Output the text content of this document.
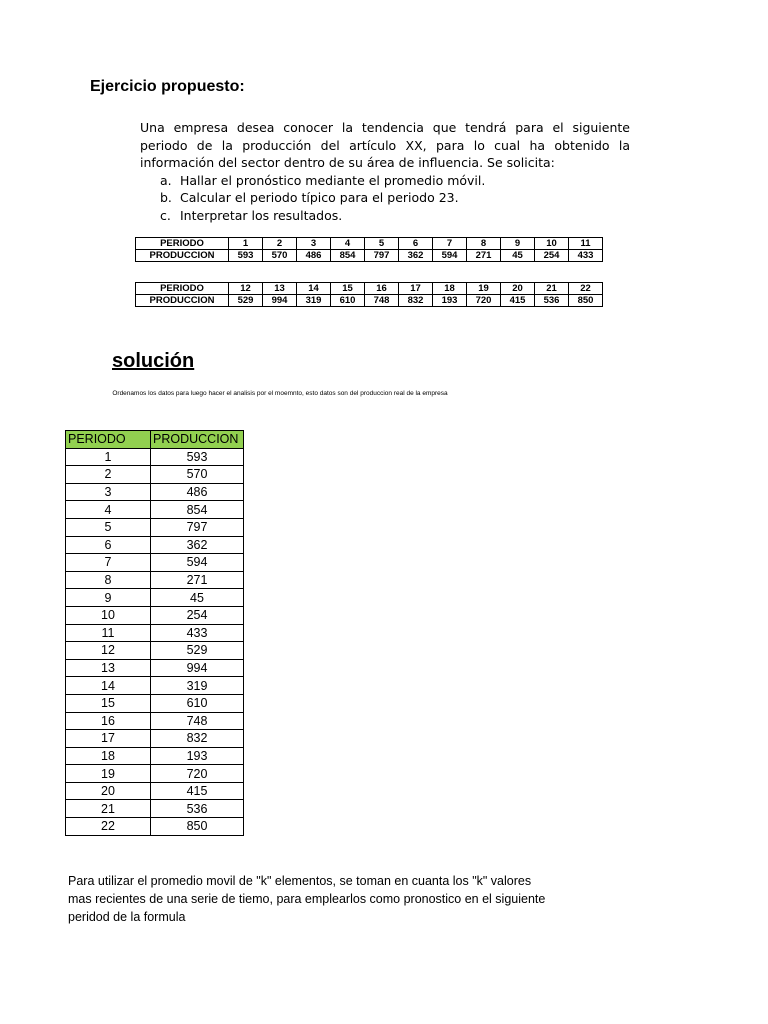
Ejercicio propuesto:

Una empresa desea conocer la tendencia que tendrá para el siguiente periodo de la producción del artículo XX, para lo cual ha obtenido la información del sector dentro de su área de influencia. Se solicita:

a. Hallar el pronóstico mediante el promedio móvil.
b. Calcular el periodo típico para el periodo 23.
c. Interpretar los resultados.
PERIODO	1	2	3	4	5	6	7	8	9	10	11
PRODUCCION	593	570	486	854	797	362	594	271	45	254	433
PERIODO	12	13	14	15	16	17	18	19	20	21	22
PRODUCCION	529	994	319	610	748	832	193	720	415	536	850
solución
Ordenamos los datos para luego hacer el analisis por el moemnto, esto datos son del produccion real de la empresa
PERIODO	PRODUCCION
1	593
2	570
3	486
4	854
5	797
6	362
7	594
8	271
9	45
10	254
11	433
12	529
13	994
14	319
15	610
16	748
17	832
18	193
19	720
20	415
21	536
22	850
Para utilizar el promedio movil de "k" elementos, se toman en cuanta los "k" valores
mas recientes de una serie de tiemo, para emplearlos como pronostico en el siguiente
peridod de la formula
